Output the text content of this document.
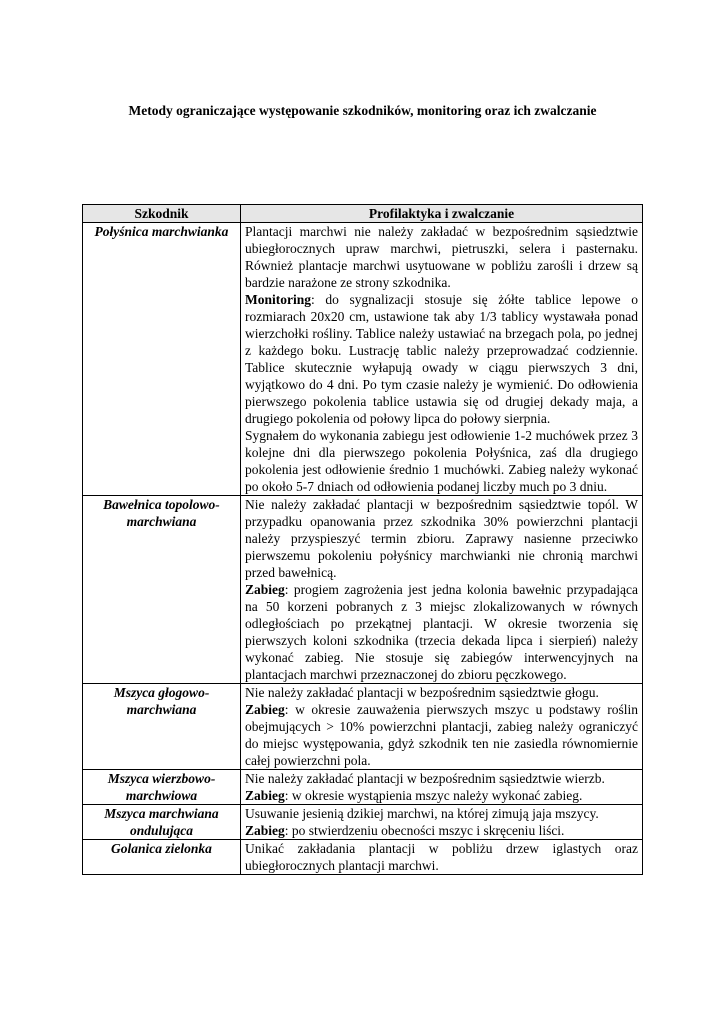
Metody ograniczające występowanie szkodników, monitoring oraz ich zwalczanie
Szkodnik	Profilaktyka i zwalczanie
Połyśnica marchwianka	Plantacji marchwi nie należy zakładać w bezpośrednim sąsiedztwie ubiegłorocznych upraw marchwi, pietruszki, selera i pasternaku. Również plantacje marchwi usytuowane w pobliżu zarośli i drzew są bardzie narażone ze strony szkodnika.

Monitoring: do sygnalizacji stosuje się żółte tablice lepowe o rozmiarach 20x20 cm, ustawione tak aby 1/3 tablicy wystawała ponad wierzchołki rośliny. Tablice należy ustawiać na brzegach pola, po jednej z każdego boku. Lustrację tablic należy przeprowadzać codziennie. Tablice skutecznie wyłapują owady w ciągu pierwszych 3 dni, wyjątkowo do 4 dni. Po tym czasie należy je wymienić. Do odłowienia pierwszego pokolenia tablice ustawia się od drugiej dekady maja, a drugiego pokolenia od połowy lipca do połowy sierpnia.

Sygnałem do wykonania zabiegu jest odłowienie 1-2 muchówek przez 3 kolejne dni dla pierwszego pokolenia Połyśnica, zaś dla drugiego pokolenia jest odłowienie średnio 1 muchówki. Zabieg należy wykonać po około 5-7 dniach od odłowienia podanej liczby much po 3 dniu.

Bawełnica topolowo-marchwiana	Nie należy zakładać plantacji w bezpośrednim sąsiedztwie topól. W przypadku opanowania przez szkodnika 30% powierzchni plantacji należy przyspieszyć termin zbioru. Zaprawy nasienne przeciwko pierwszemu pokoleniu połyśnicy marchwianki nie chronią marchwi przed bawełnicą.

Zabieg: progiem zagrożenia jest jedna kolonia bawełnic przypadająca na 50 korzeni pobranych z 3 miejsc zlokalizowanych w równych odległościach po przekątnej plantacji. W okresie tworzenia się pierwszych koloni szkodnika (trzecia dekada lipca i sierpień) należy wykonać zabieg. Nie stosuje się zabiegów interwencyjnych na plantacjach marchwi przeznaczonej do zbioru pęczkowego.

Mszyca głogowo-marchwiana	Nie należy zakładać plantacji w bezpośrednim sąsiedztwie głogu.

Zabieg: w okresie zauważenia pierwszych mszyc u podstawy roślin obejmujących > 10% powierzchni plantacji, zabieg należy ograniczyć do miejsc występowania, gdyż szkodnik ten nie zasiedla równomiernie całej powierzchni pola.

Mszyca wierzbowo-marchwiowa	Nie należy zakładać plantacji w bezpośrednim sąsiedztwie wierzb.

Zabieg: w okresie wystąpienia mszyc należy wykonać zabieg.

Mszyca marchwiana ondulująca	Usuwanie jesienią dzikiej marchwi, na której zimują jaja mszycy.

Zabieg: po stwierdzeniu obecności mszyc i skręceniu liści.

Golanica zielonka	Unikać zakładania plantacji w pobliżu drzew iglastych oraz ubiegłorocznych plantacji marchwi.
